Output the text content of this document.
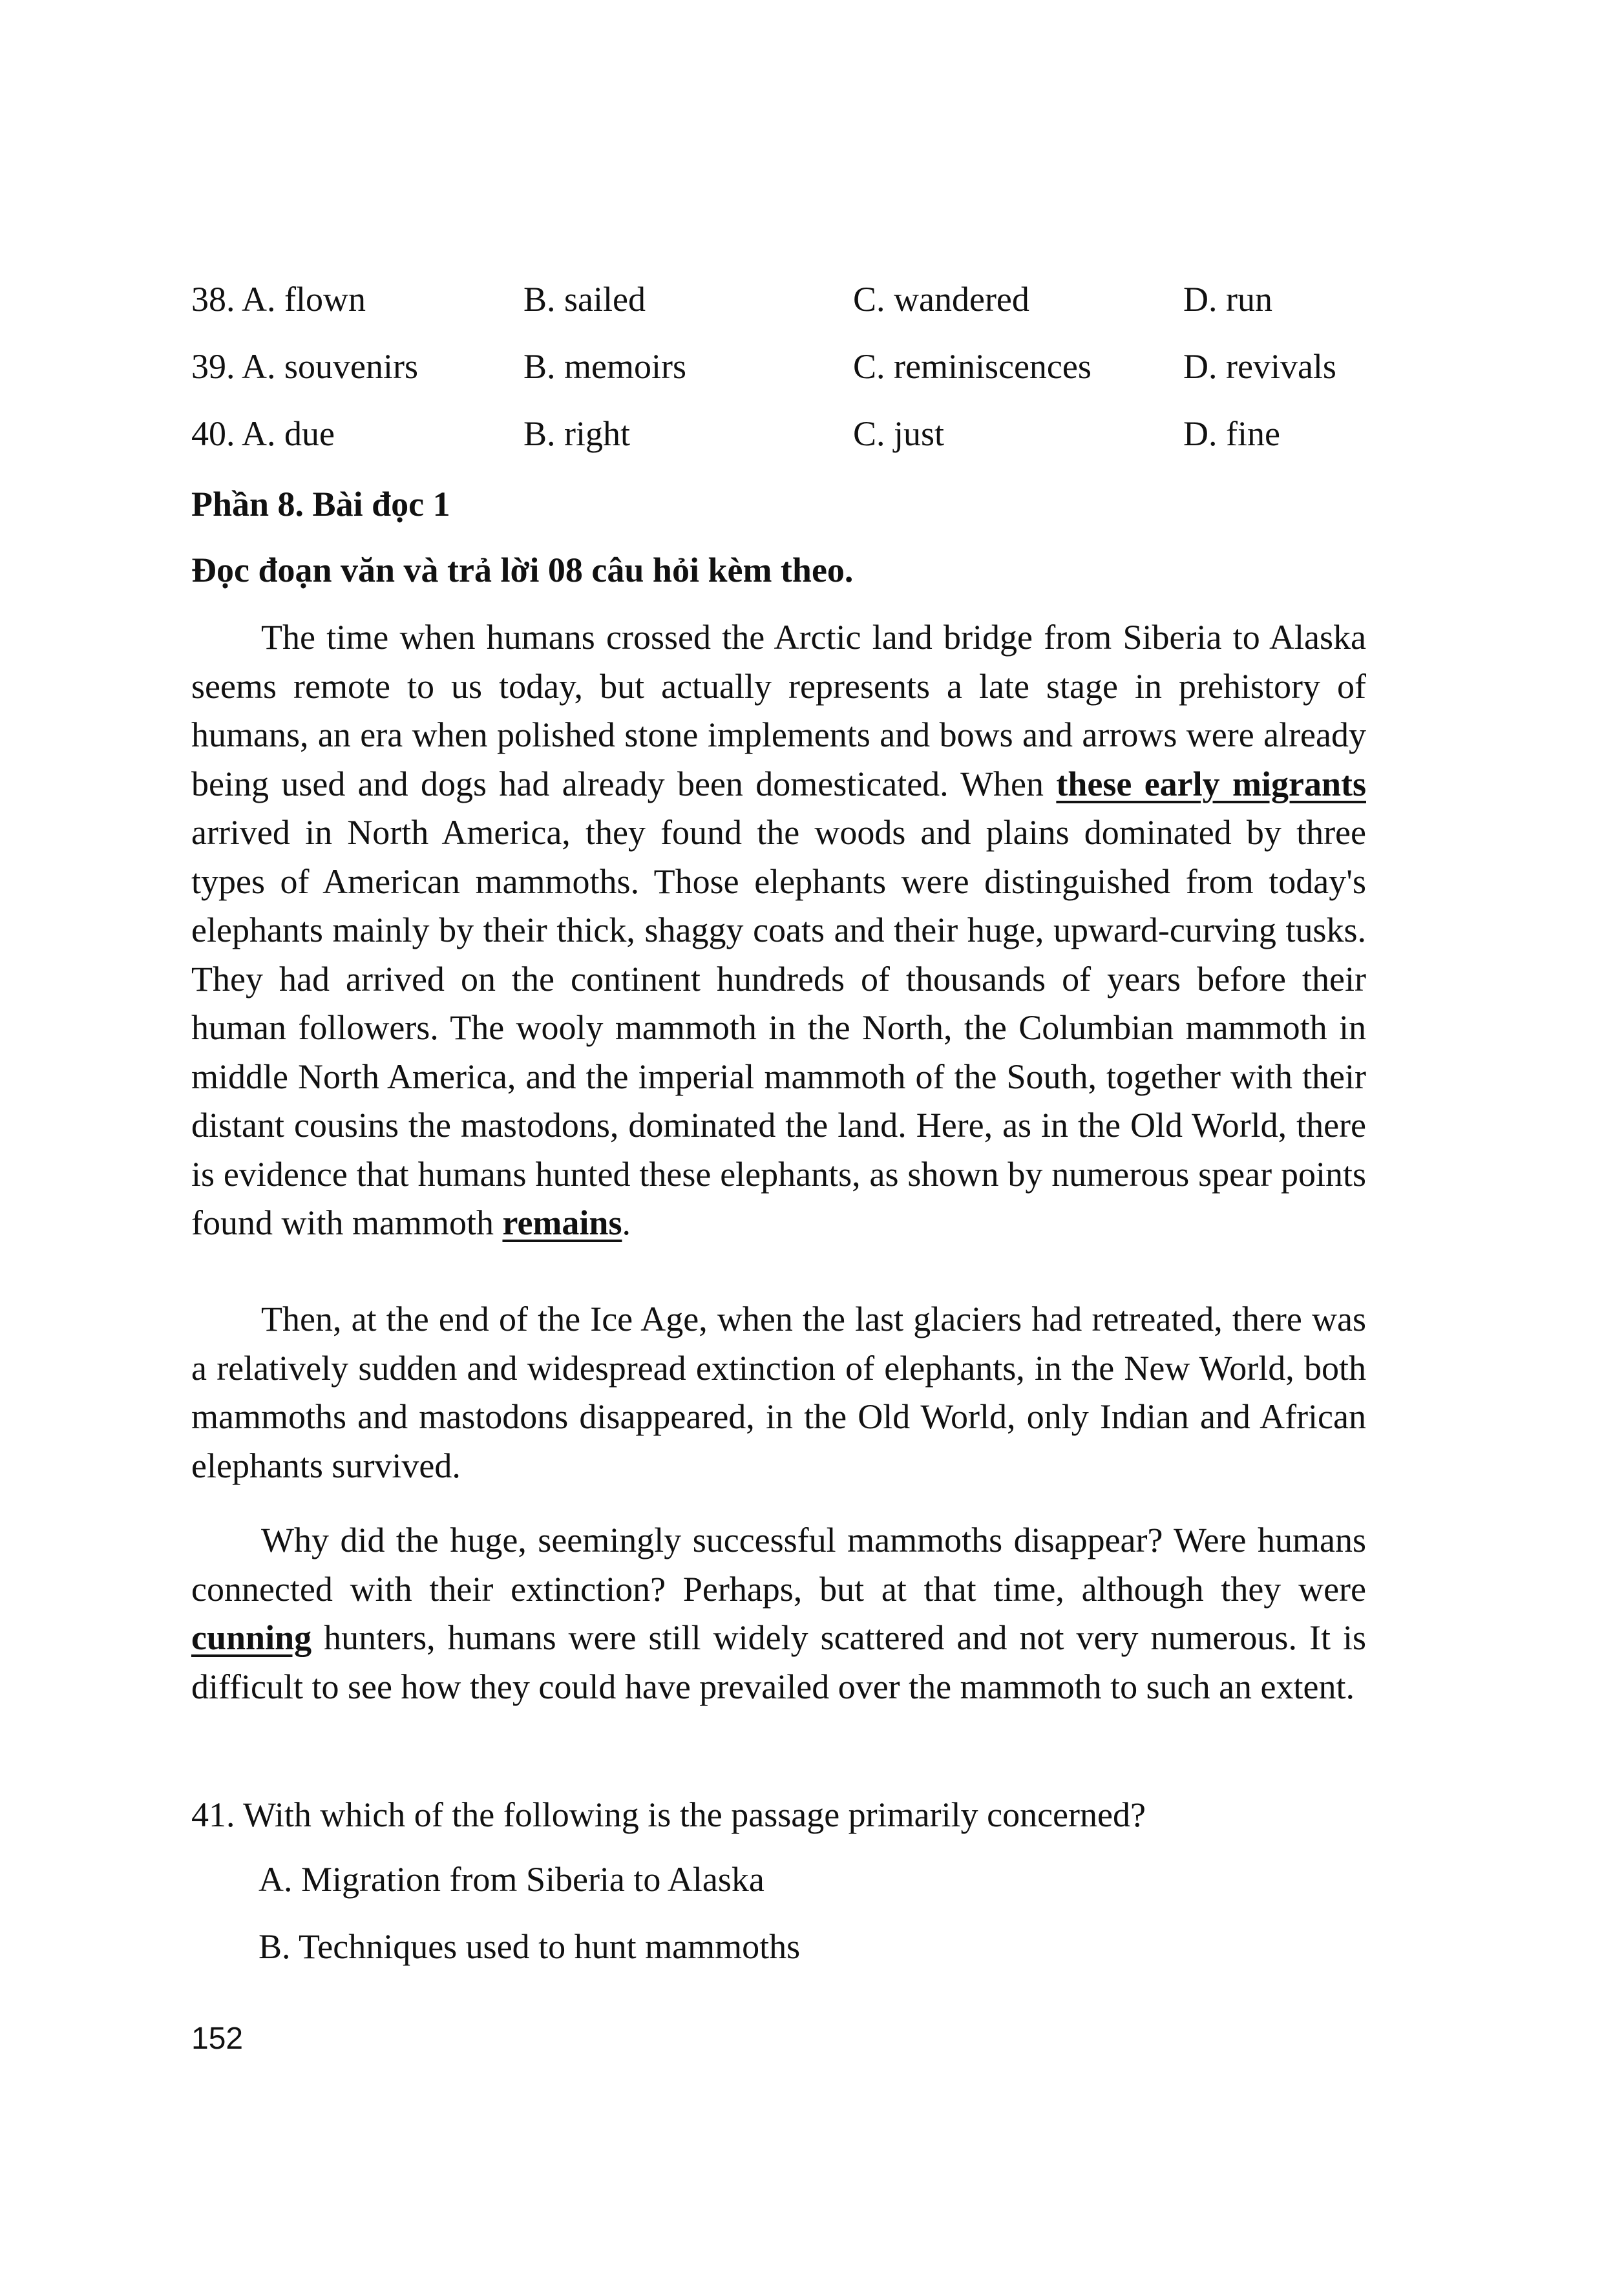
38. A. flown	B. sailed	C. wandered	D. run
39. A. souvenirs	B. memoirs	C. reminiscences	D. revivals
40. A. due	B. right	C. just	D. fine
Phần 8. Bài đọc 1
Đọc đoạn văn và trả lời 08 câu hỏi kèm theo.

The time when humans crossed the Arctic land bridge from Siberia to Alaska seems remote to us today, but actually represents a late stage in prehistory of humans, an era when polished stone implements and bows and arrows were already being used and dogs had already been domesticated. When these early migrants arrived in North America, they found the woods and plains dominated by three types of American mammoths. Those elephants were distinguished from today's elephants mainly by their thick, shaggy coats and their huge, upward-curving tusks. They had arrived on the continent hundreds of thousands of years before their human followers. The wooly mammoth in the North, the Columbian mammoth in middle North America, and the imperial mammoth of the South, together with their distant cousins the mastodons, dominated the land. Here, as in the Old World, there is evidence that humans hunted these elephants, as shown by numerous spear points found with mammoth remains.

Then, at the end of the Ice Age, when the last glaciers had retreated, there was a relatively sudden and widespread extinction of elephants, in the New World, both mammoths and mastodons disappeared, in the Old World, only Indian and African elephants survived.

Why did the huge, seemingly successful mammoths disappear? Were humans connected with their extinction? Perhaps, but at that time, although they were cunning hunters, humans were still widely scattered and not very numerous. It is difficult to see how they could have prevailed over the mammoth to such an extent.

41. With which of the following is the passage primarily concerned?
A. Migration from Siberia to Alaska
B. Techniques used to hunt mammoths
152
